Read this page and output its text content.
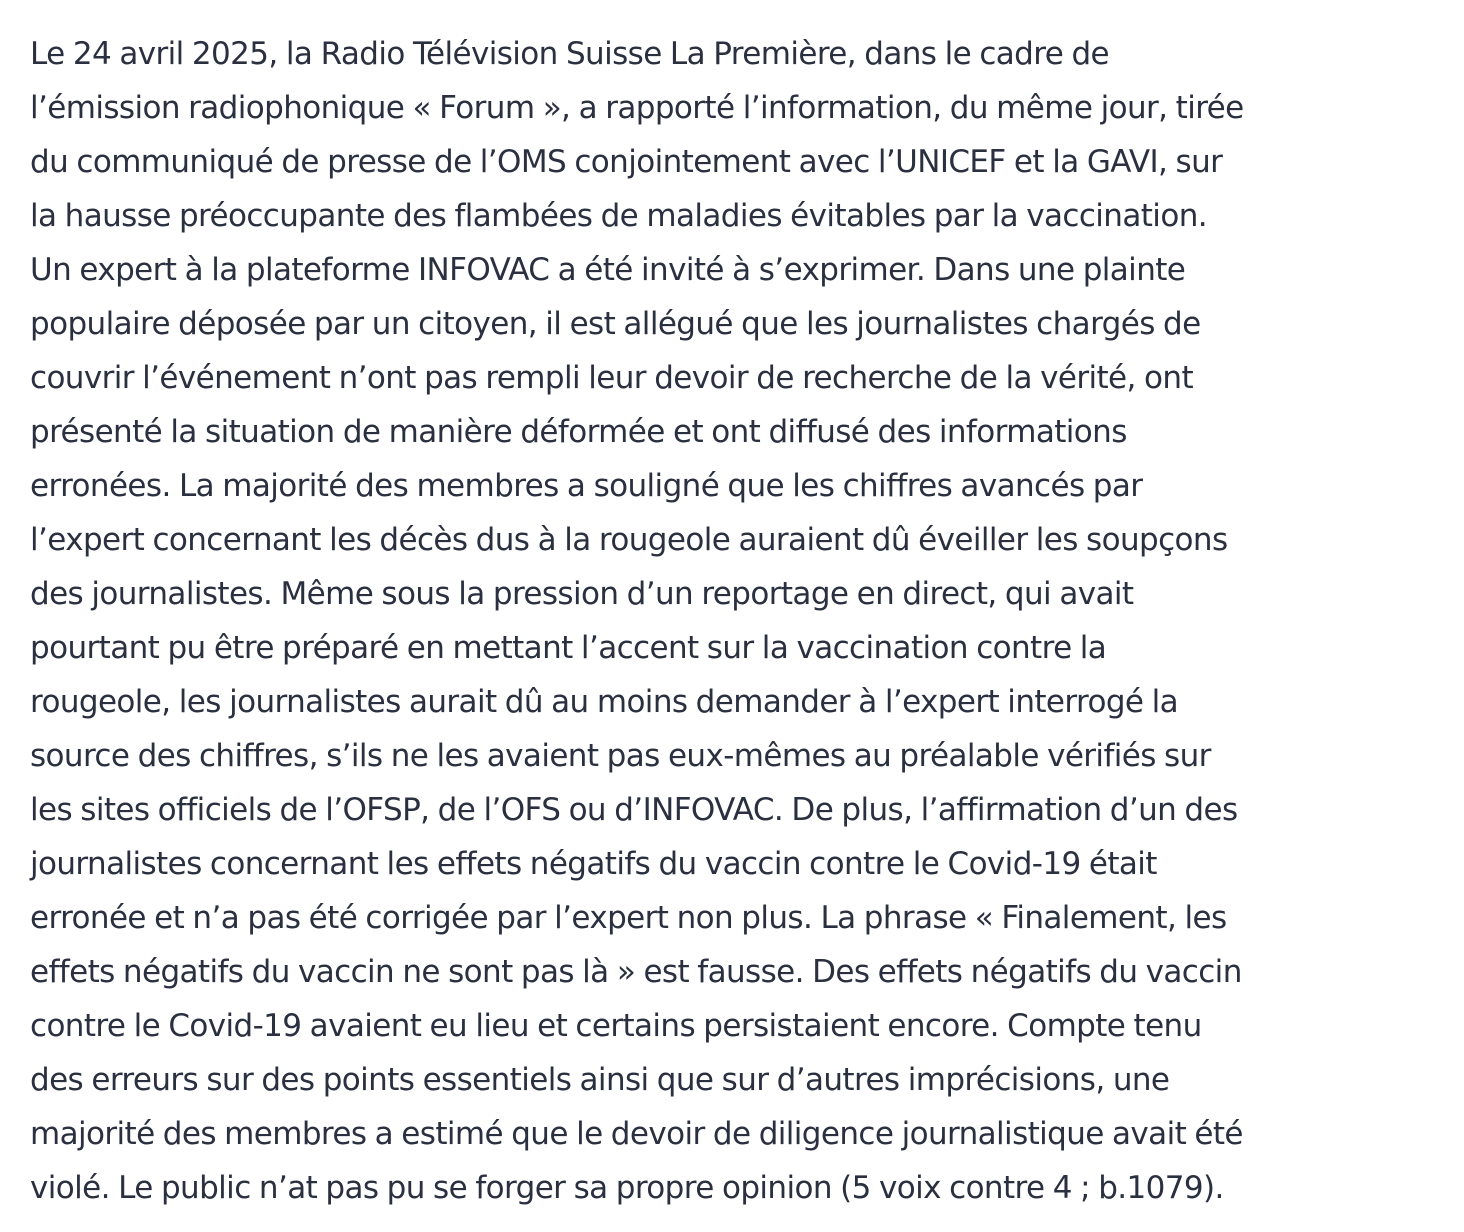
Le 24 avril 2025, la Radio Télévision Suisse La Première, dans le cadre de
l’émission radiophonique « Forum », a rapporté l’information, du même jour, tirée
du communiqué de presse de l’OMS conjointement avec l’UNICEF et la GAVI, sur
la hausse préoccupante des flambées de maladies évitables par la vaccination.
Un expert à la plateforme INFOVAC a été invité à s’exprimer. Dans une plainte
populaire déposée par un citoyen, il est allégué que les journalistes chargés de
couvrir l’événement n’ont pas rempli leur devoir de recherche de la vérité, ont
présenté la situation de manière déformée et ont diffusé des informations
erronées. La majorité des membres a souligné que les chiffres avancés par
l’expert concernant les décès dus à la rougeole auraient dû éveiller les soupçons
des journalistes. Même sous la pression d’un reportage en direct, qui avait
pourtant pu être préparé en mettant l’accent sur la vaccination contre la
rougeole, les journalistes aurait dû au moins demander à l’expert interrogé la
source des chiffres, s’ils ne les avaient pas eux-mêmes au préalable vérifiés sur
les sites officiels de l’OFSP, de l’OFS ou d’INFOVAC. De plus, l’affirmation d’un des
journalistes concernant les effets négatifs du vaccin contre le Covid-19 était
erronée et n’a pas été corrigée par l’expert non plus. La phrase « Finalement, les
effets négatifs du vaccin ne sont pas là » est fausse. Des effets négatifs du vaccin
contre le Covid-19 avaient eu lieu et certains persistaient encore. Compte tenu
des erreurs sur des points essentiels ainsi que sur d’autres imprécisions, une
majorité des membres a estimé que le devoir de diligence journalistique avait été
violé. Le public n’at pas pu se forger sa propre opinion (5 voix contre 4 ; b.1079).
